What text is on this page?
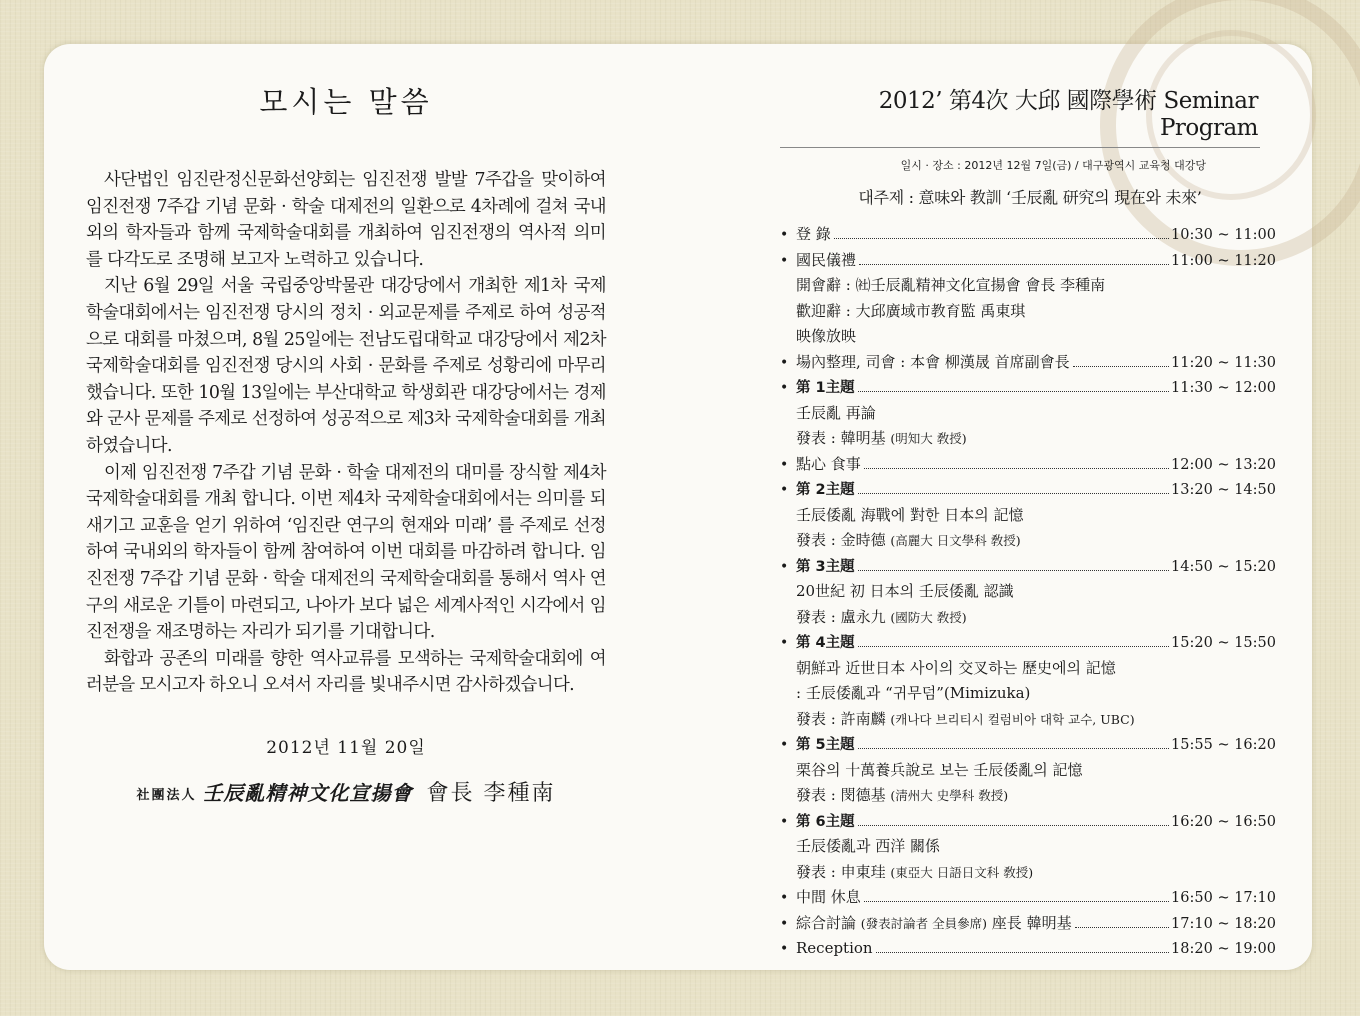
모시는 말씀

사단법인 임진란정신문화선양회는 임진전쟁 발발 7주갑을 맞이하여 임진전쟁 7주갑 기념 문화 · 학술 대제전의 일환으로 4차례에 걸쳐 국내외의 학자들과 함께 국제학술대회를 개최하여 임진전쟁의 역사적 의미를 다각도로 조명해 보고자 노력하고 있습니다.

지난 6월 29일 서울 국립중앙박물관 대강당에서 개최한 제1차 국제학술대회에서는 임진전쟁 당시의 정치 · 외교문제를 주제로 하여 성공적으로 대회를 마쳤으며, 8월 25일에는 전남도립대학교 대강당에서 제2차 국제학술대회를 임진전쟁 당시의 사회 · 문화를 주제로 성황리에 마무리했습니다. 또한 10월 13일에는 부산대학교 학생회관 대강당에서는 경제와 군사 문제를 주제로 선정하여 성공적으로 제3차 국제학술대회를 개최하였습니다.

이제 임진전쟁 7주갑 기념 문화 · 학술 대제전의 대미를 장식할 제4차 국제학술대회를 개최 합니다. 이번 제4차 국제학술대회에서는 의미를 되새기고 교훈을 얻기 위하여 ‘임진란 연구의 현재와 미래’ 를 주제로 선정하여 국내외의 학자들이 함께 참여하여 이번 대회를 마감하려 합니다. 임진전쟁 7주갑 기념 문화 · 학술 대제전의 국제학술대회를 통해서 역사 연구의 새로운 기틀이 마련되고, 나아가 보다 넓은 세계사적인 시각에서 임진전쟁을 재조명하는 자리가 되기를 기대합니다.

화합과 공존의 미래를 향한 역사교류를 모색하는 국제학술대회에 여러분을 모시고자 하오니 오셔서 자리를 빛내주시면 감사하겠습니다.

2012년 11월 20일
社團法人 壬辰亂精神文化宣揚會 會長 李種南
2012’ 第4次 大邱 國際學術 Seminar Program
일시 · 장소 : 2012년 12월 7일(금) / 대구광역시 교육청 대강당
대주제 : 意味와 教訓 ‘壬辰亂 研究의 現在와 未來’
• 登 錄	10:30 ~ 11:00
• 國民儀禮	11:00 ~ 11:20
開會辭 : ㈳壬辰亂精神文化宣揚會 會長 李種南
歡迎辭 : 大邱廣域市教育監 禹東琪
映像放映
• 場內整理, 司會 : 本會 柳漢晟 首席副會長	11:20 ~ 11:30
• 第 1主題	11:30 ~ 12:00
壬辰亂 再論
發表 : 韓明基 (明知大 敎授)
• 點心 食事	12:00 ~ 13:20
• 第 2主題	13:20 ~ 14:50
壬辰倭亂 海戰에 對한 日本의 記憶
發表 : 金時德 (高麗大 日文學科 敎授)
• 第 3主題	14:50 ~ 15:20
20世紀 初 日本의 壬辰倭亂 認識
發表 : 盧永九 (國防大 敎授)
• 第 4主題	15:20 ~ 15:50
朝鮮과 近世日本 사이의 交叉하는 歷史에의 記憶
: 壬辰倭亂과 “귀무덤”(Mimizuka)
發表 : 許南麟 (캐나다 브리티시 컬럼비아 대학 교수, UBC)
• 第 5主題	15:55 ~ 16:20
栗谷의 十萬養兵說로 보는 壬辰倭亂의 記憶
發表 : 閔德基 (淸州大 史學科 敎授)
• 第 6主題	16:20 ~ 16:50
壬辰倭亂과 西洋 關係
發表 : 申東珪 (東亞大 日語日文科 敎授)
• 中間 休息	16:50 ~ 17:10
• 綜合討論 (發表討論者 全員參席) 座長 韓明基	17:10 ~ 18:20
• Reception	18:20 ~ 19:00
